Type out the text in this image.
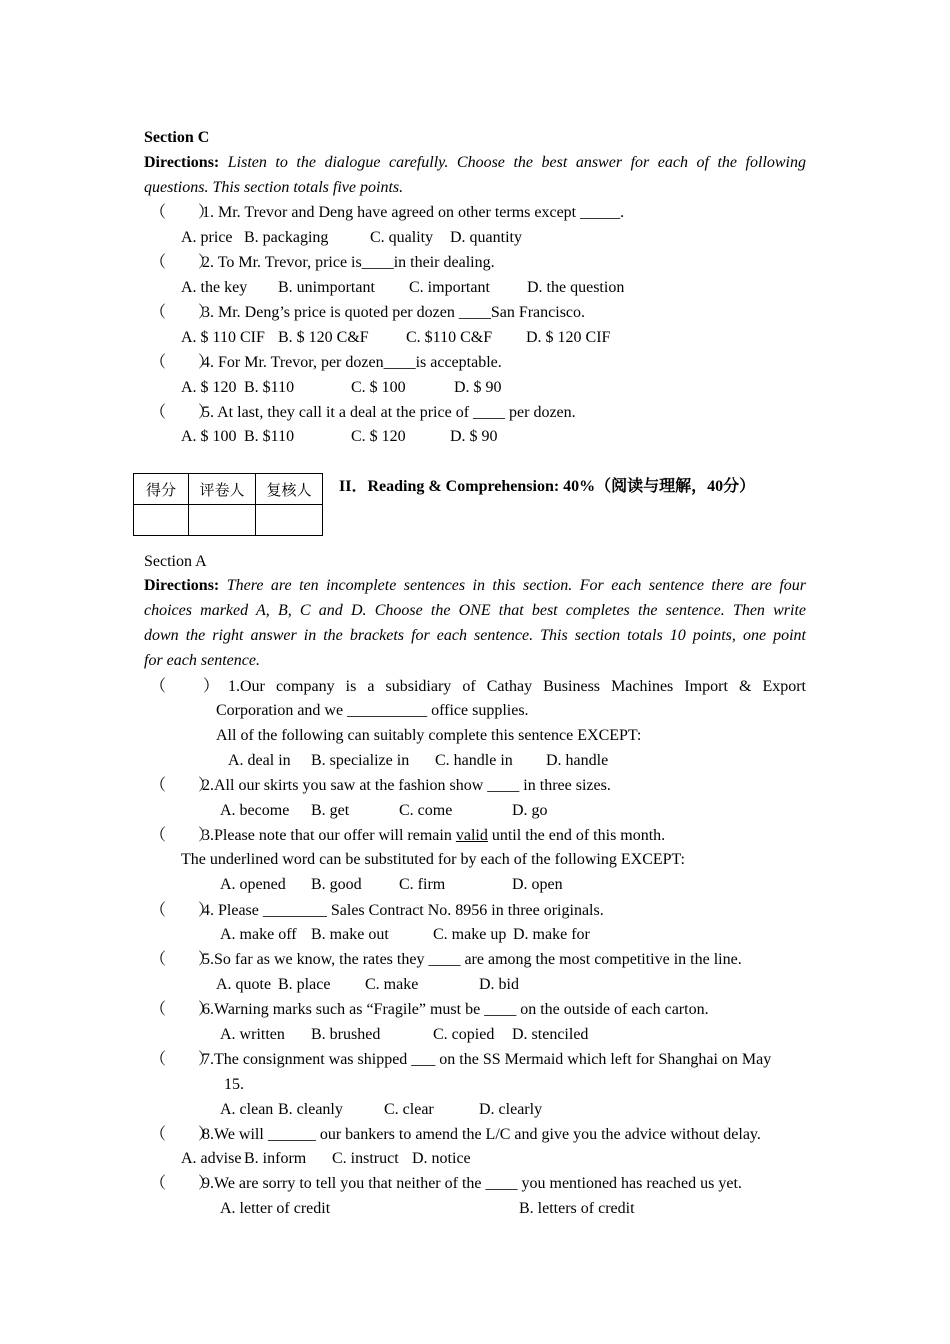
Section C
Directions: Listen to the dialogue carefully. Choose the best answer for each of the following
questions. This section totals five points.
（　　）
1. Mr. Trevor and Deng have agreed on other terms except _____.
A. price B. packaging	C. quality D. quantity
（　　）
2. To Mr. Trevor, price is____in their dealing.
A. the key B. unimportant C. important D. the question
（　　）
3. Mr. Deng’s price is quoted per dozen ____San Francisco.
A. $ 110 CIF B. $ 120 C&F C. $110 C&F D. $ 120 CIF
（　　）
4. For Mr. Trevor, per dozen____is acceptable.
A. $ 120 B. $110	C. $ 100	D. $ 90
（　　）
5. At last, they call it a deal at the price of ____ per dozen.
A. $ 100 B. $110	C. $ 120	D. $ 90
得分	评卷人	复核人
		II．Reading & Comprehension: 40%（阅读与理解，40分）
Section A
Directions: There are ten incomplete sentences in this section. For each sentence there are four
choices marked A, B, C and D. Choose the ONE that best completes the sentence. Then write
down the right answer in the brackets for each sentence. This section totals 10 points, one point
for each sentence.
（ ） 1.Our company is a subsidiary of Cathay Business Machines Import & Export
Corporation and we __________ office supplies.
All of the following can suitably complete this sentence EXCEPT:
A. deal in B. specialize in C. handle in D. handle
（　　）
2.All our skirts you saw at the fashion show ____ in three sizes.
A. become B. get	C. come	D. go
（　　）
3.Please note that our offer will remain valid until the end of this month.
The underlined word can be substituted for by each of the following EXCEPT:
A. opened B. good C. firm	D. open
（　　）
4. Please ________ Sales Contract No. 8956 in three originals.
A. make off B. make out	C. make up D. make for
（　　）
5.So far as we know, the rates they ____ are among the most competitive in the line.
A. quote B. place C. make	D. bid
（　　）
6.Warning marks such as “Fragile” must be ____ on the outside of each carton.
A. written B. brushed	C. copied D. stenciled
（　　）
7.The consignment was shipped ___ on the SS Mermaid which left for Shanghai on May
15.
A. clean B. cleanly	C. clear	D. clearly
（　　）
8.We will ______ our bankers to amend the L/C and give you the advice without delay.
A. advise B. inform C. instruct D. notice
（　　）
9.We are sorry to tell you that neither of the ____ you mentioned has reached us yet.
A. letter of credit	B. letters of credit
